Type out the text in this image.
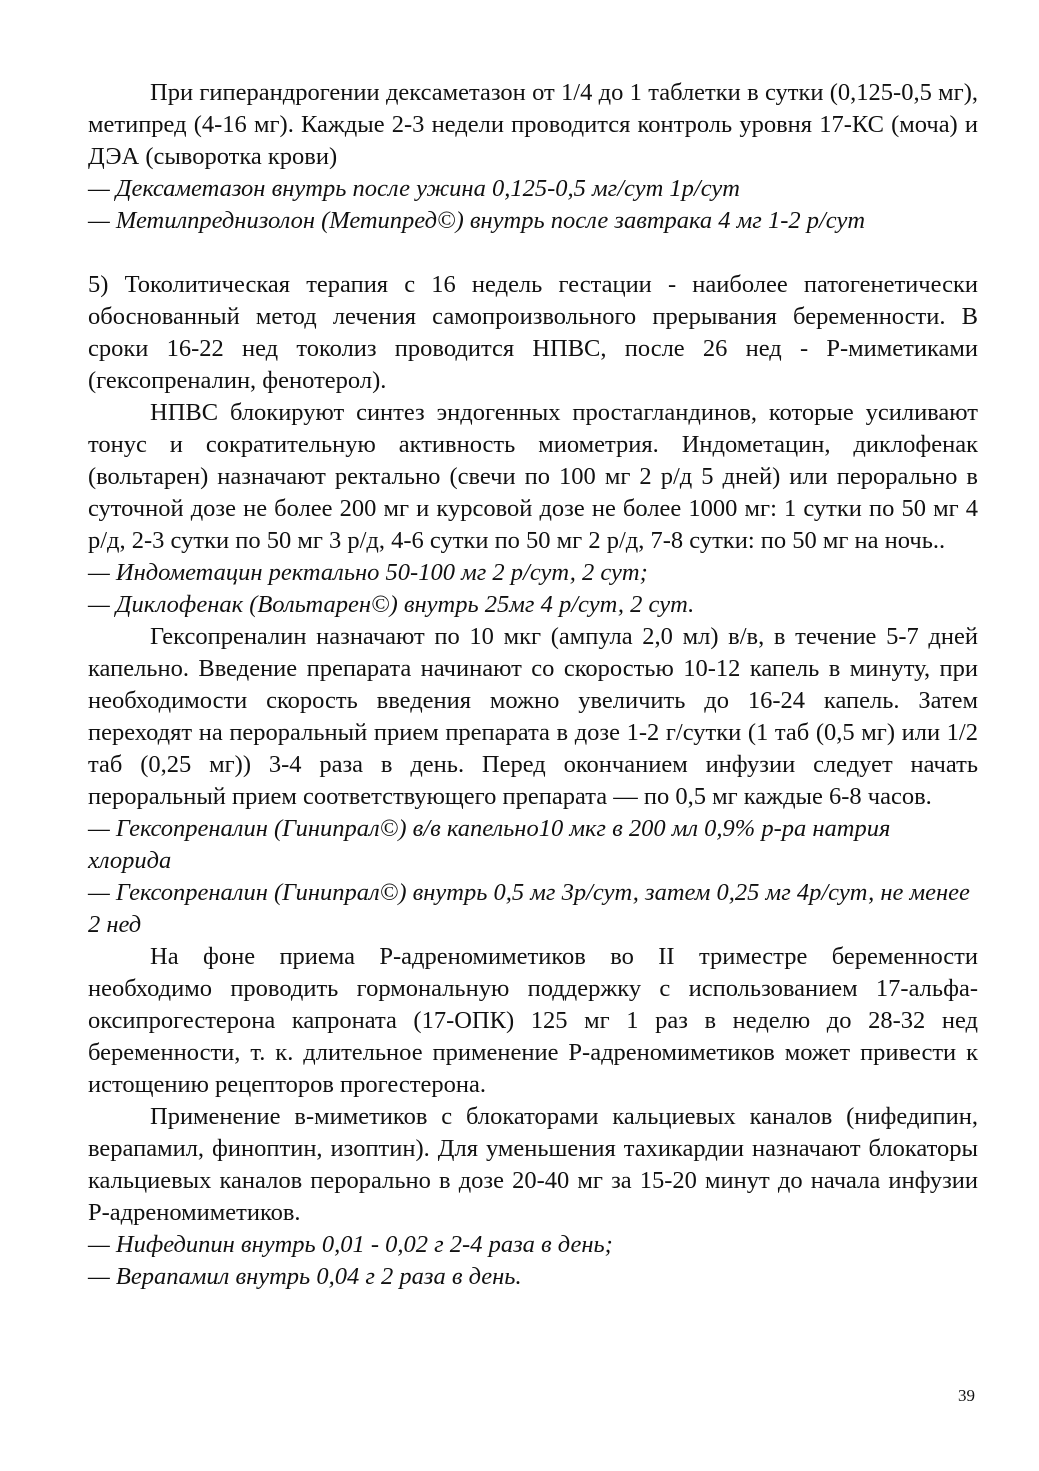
При гиперандрогении дексаметазон от 1/4 до 1 таблетки в сутки (0,125-0,5 мг), метипред (4-16 мг). Каждые 2-3 недели проводится контроль уровня 17-КС (моча) и ДЭА (сыворотка крови)

— Дексаметазон внутрь после ужина 0,125-0,5 мг/сут 1р/сут

— Метилпреднизолон (Метипред©) внутрь после завтрака 4 мг 1-2 р/сут

5) Токолитическая терапия с 16 недель гестации - наиболее патогенетически обоснованный метод лечения самопроизвольного прерывания беременности. В сроки 16-22 нед токолиз проводится НПВС, после 26 нед - Р-миметиками (гексопреналин, фенотерол).

НПВС блокируют синтез эндогенных простагландинов, которые усиливают тонус и сократительную активность миометрия. Индометацин, диклофенак (вольтарен) назначают ректально (свечи по 100 мг 2 р/д 5 дней) или перорально в суточной дозе не более 200 мг и курсовой дозе не более 1000 мг: 1 сутки по 50 мг 4 р/д, 2-3 сутки по 50 мг 3 р/д, 4-6 сутки по 50 мг 2 р/д, 7-8 сутки: по 50 мг на ночь..

— Индометацин ректально 50-100 мг 2 р/сут, 2 сут;

— Диклофенак (Вольтарен©) внутрь 25мг 4 р/сут, 2 сут.

Гексопреналин назначают по 10 мкг (ампула 2,0 мл) в/в, в течение 5-7 дней капельно. Введение препарата начинают со скоростью 10-12 капель в минуту, при необходимости скорость введения можно увеличить до 16-24 капель. Затем переходят на пероральный прием препарата в дозе 1-2 г/сутки (1 таб (0,5 мг) или 1/2 таб (0,25 мг)) 3-4 раза в день. Перед окончанием инфузии следует начать пероральный прием соответствующего препарата — по 0,5 мг каждые 6-8 часов.

— Гексопреналин (Гинипрал©) в/в капельно10 мкг в 200 мл 0,9% р-ра натрия хлорида

— Гексопреналин (Гинипрал©) внутрь 0,5 мг 3р/сут, затем 0,25 мг 4р/сут, не менее 2 нед

На фоне приема Р-адреномиметиков во II триместре беременности необходимо проводить гормональную поддержку с использованием 17-альфа-оксипрогестерона капроната (17-ОПК) 125 мг 1 раз в неделю до 28-32 нед беременности, т. к. длительное применение Р-адреномиметиков может привести к истощению рецепторов прогестерона.

Применение в-миметиков с блокаторами кальциевых каналов (нифедипин, верапамил, финоптин, изоптин). Для уменьшения тахикардии назначают блокаторы кальциевых каналов перорально в дозе 20-40 мг за 15-20 минут до начала инфузии Р-адреномиметиков.

— Нифедипин внутрь 0,01 - 0,02 г 2-4 раза в день;

— Верапамил внутрь 0,04 г 2 раза в день.

39
